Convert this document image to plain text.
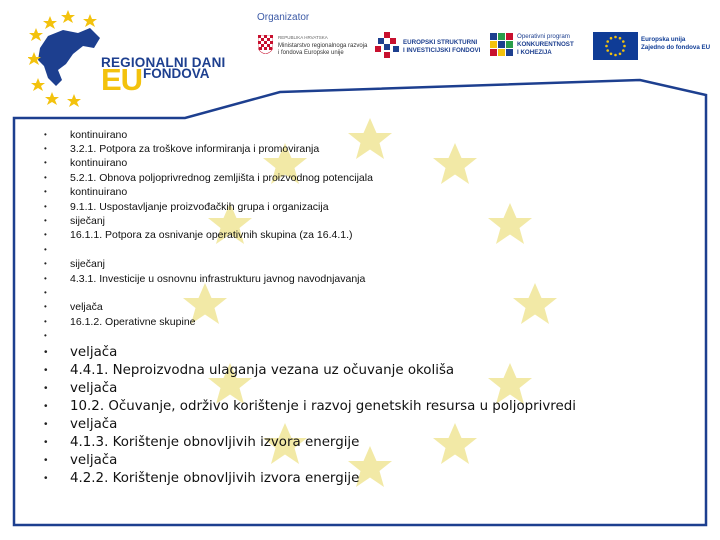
REGIONALNI DANI
EU FONDOVA
Organizator
REPUBLIKA HRVATSKA
Ministarstvo regionalnoga razvoja
i fondova Europske unije
EUROPSKI STRUKTURNI
I INVESTICIJSKI FONDOVI
Operativni program
KONKURENTNOST
I KOHEZIJA
Europska unija
Zajedno do fondova EU
• kontinuirano
• 3.2.1. Potpora za troškove informiranja i promoviranja
• kontinuirano
• 5.2.1. Obnova poljoprivrednog zemljišta i proizvodnog potencijala
• kontinuirano
• 9.1.1. Uspostavljanje proizvođačkih grupa i organizacija
• siječanj
• 16.1.1. Potpora za osnivanje operativnih skupina (za 16.4.1.)
•
• siječanj
• 4.3.1. Investicije u osnovnu infrastrukturu javnog navodnjavanja
•
• veljača
• 16.1.2. Operativne skupine
•
• veljača
• 4.4.1. Neproizvodna ulaganja vezana uz očuvanje okoliša
• veljača
• 10.2. Očuvanje, održivo korištenje i razvoj genetskih resursa u poljoprivredi
• veljača
• 4.1.3. Korištenje obnovljivih izvora energije
• veljača
• 4.2.2. Korištenje obnovljivih izvora energije
